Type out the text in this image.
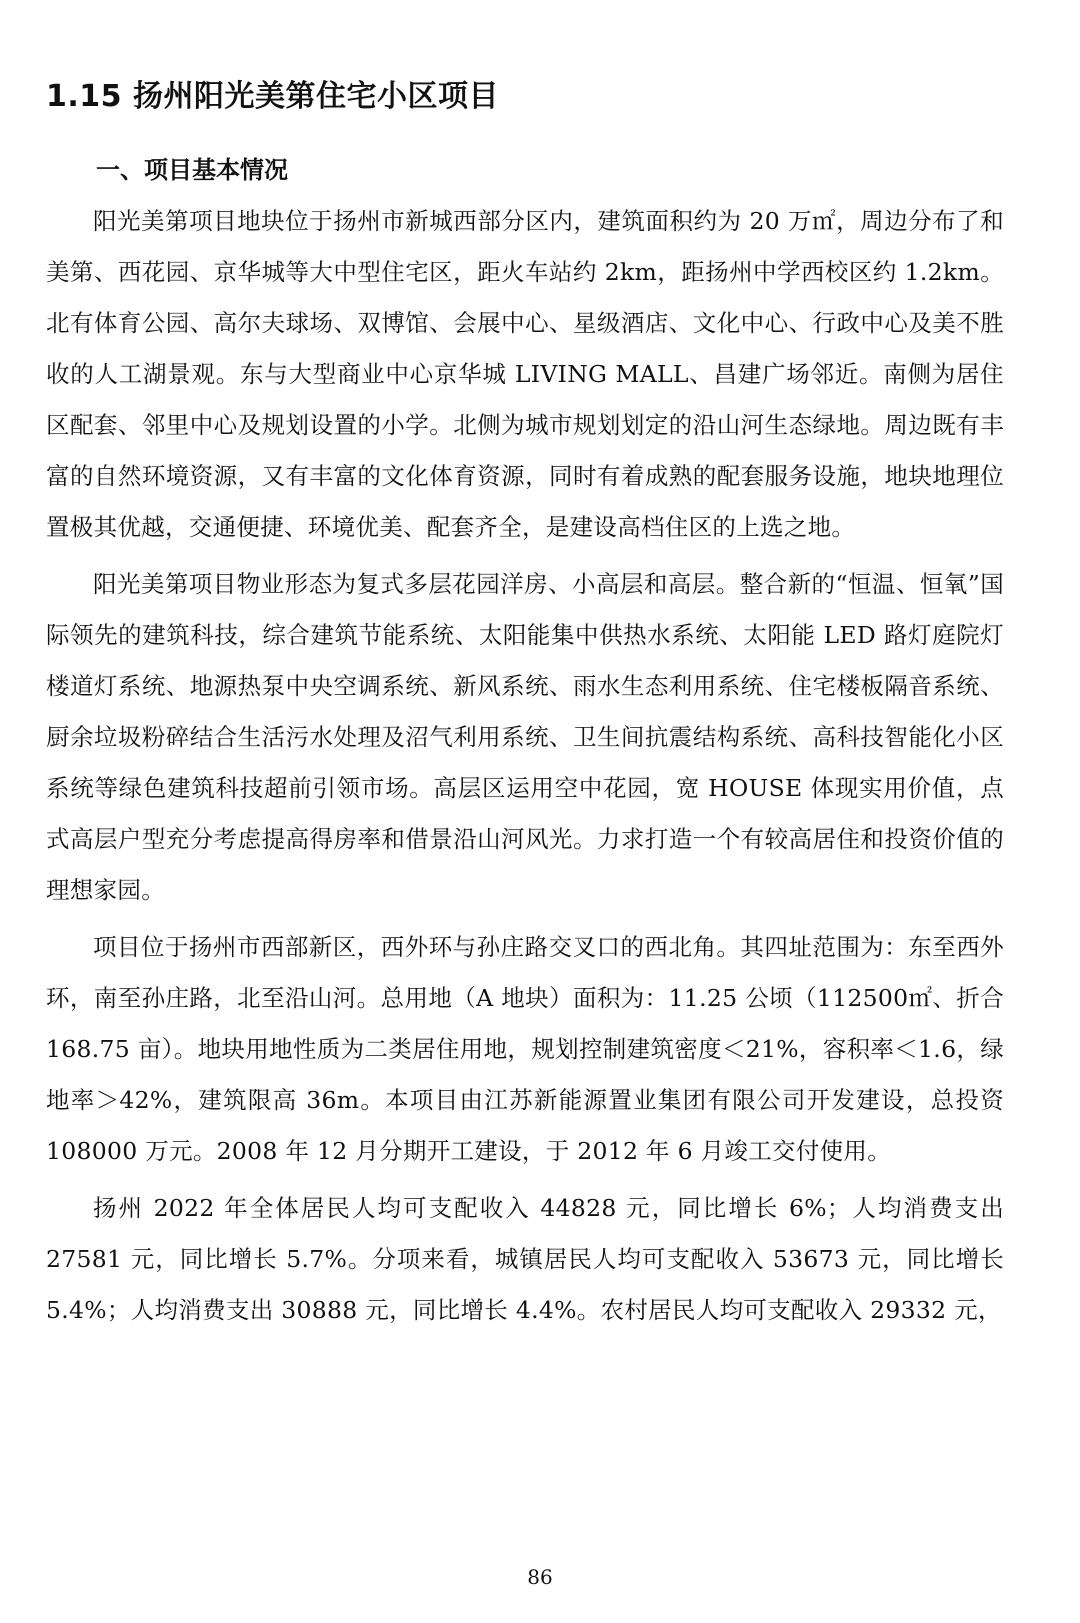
1.15 扬州阳光美第住宅小区项目
一、项目基本情况

阳光美第项目地块位于扬州市新城西部分区内，建筑面积约为 20 万㎡，周边分布了和美第、西花园、京华城等大中型住宅区，距火车站约 2km，距扬州中学西校区约 1.2km。北有体育公园、高尔夫球场、双博馆、会展中心、星级酒店、文化中心、行政中心及美不胜收的人工湖景观。东与大型商业中心京华城 LIVING MALL、昌建广场邻近。南侧为居住区配套、邻里中心及规划设置的小学。北侧为城市规划划定的沿山河生态绿地。周边既有丰富的自然环境资源，又有丰富的文化体育资源，同时有着成熟的配套服务设施，地块地理位置极其优越，交通便捷、环境优美、配套齐全，是建设高档住区的上选之地。

阳光美第项目物业形态为复式多层花园洋房、小高层和高层。整合新的“恒温、恒氧”国际领先的建筑科技，综合建筑节能系统、太阳能集中供热水系统、太阳能 LED 路灯庭院灯楼道灯系统、地源热泵中央空调系统、新风系统、雨水生态利用系统、住宅楼板隔音系统、厨余垃圾粉碎结合生活污水处理及沼气利用系统、卫生间抗震结构系统、高科技智能化小区系统等绿色建筑科技超前引领市场。高层区运用空中花园，宽 HOUSE 体现实用价值，点式高层户型充分考虑提高得房率和借景沿山河风光。力求打造一个有较高居住和投资价值的理想家园。

项目位于扬州市西部新区，西外环与孙庄路交叉口的西北角。其四址范围为：东至西外环，南至孙庄路，北至沿山河。总用地（A 地块）面积为：11.25 公顷（112500㎡、折合 168.75 亩）。地块用地性质为二类居住用地，规划控制建筑密度＜21%，容积率＜1.6，绿地率＞42%，建筑限高 36m。本项目由江苏新能源置业集团有限公司开发建设，总投资 108000 万元。2008 年 12 月分期开工建设，于 2012 年 6 月竣工交付使用。

扬州 2022 年全体居民人均可支配收入 44828 元，同比增长 6%；人均消费支出 27581 元，同比增长 5.7%。分项来看，城镇居民人均可支配收入 53673 元，同比增长 5.4%；人均消费支出 30888 元，同比增长 4.4%。农村居民人均可支配收入 29332 元，

86
